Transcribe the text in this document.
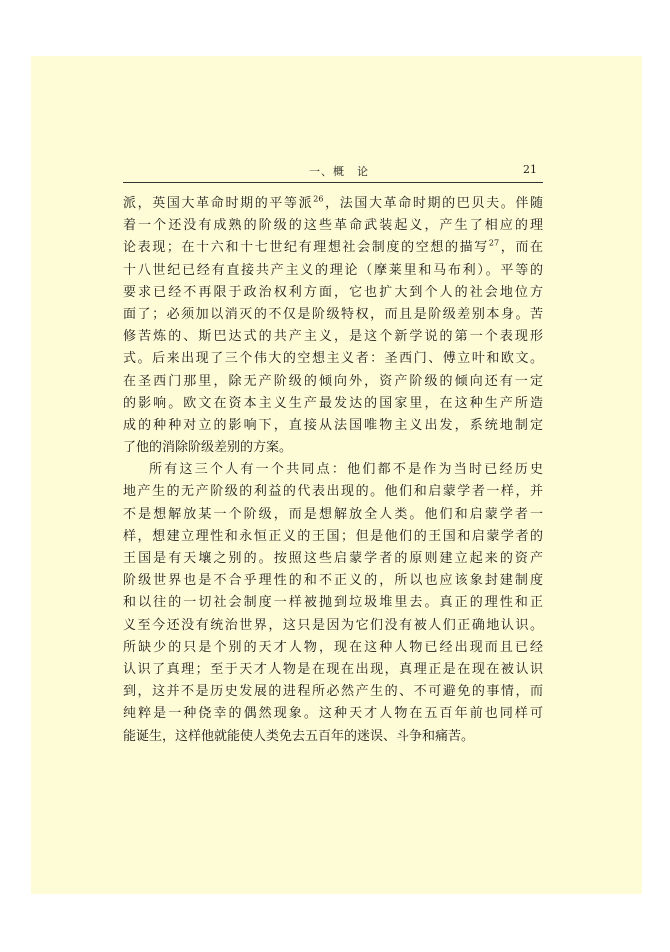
一、概　论	21
派，英国大革命时期的平等派$^{26}$，法国大革命时期的巴贝夫。伴随
着一个还没有成熟的阶级的这些革命武装起义，产生了相应的理
论表现；在十六和十七世纪有理想社会制度的空想的描写$^{27}$，而在
十八世纪已经有直接共产主义的理论（摩莱里和马布利）。平等的
要求已经不再限于政治权利方面，它也扩大到个人的社会地位方
面了；必须加以消灭的不仅是阶级特权，而且是阶级差别本身。苦
修苦炼的、斯巴达式的共产主义，是这个新学说的第一个表现形
式。后来出现了三个伟大的空想主义者：圣西门、傅立叶和欧文。
在圣西门那里，除无产阶级的倾向外，资产阶级的倾向还有一定
的影响。欧文在资本主义生产最发达的国家里，在这种生产所造
成的种种对立的影响下，直接从法国唯物主义出发，系统地制定
了他的消除阶级差别的方案。
所有这三个人有一个共同点：他们都不是作为当时已经历史
地产生的无产阶级的利益的代表出现的。他们和启蒙学者一样，并
不是想解放某一个阶级，而是想解放全人类。他们和启蒙学者一
样，想建立理性和永恒正义的王国；但是他们的王国和启蒙学者的
王国是有天壤之别的。按照这些启蒙学者的原则建立起来的资产
阶级世界也是不合乎理性的和不正义的，所以也应该象封建制度
和以往的一切社会制度一样被抛到垃圾堆里去。真正的理性和正
义至今还没有统治世界，这只是因为它们没有被人们正确地认识。
所缺少的只是个别的天才人物，现在这种人物已经出现而且已经
认识了真理；至于天才人物是在现在出现，真理正是在现在被认识
到，这并不是历史发展的进程所必然产生的、不可避免的事情，而
纯粹是一种侥幸的偶然现象。这种天才人物在五百年前也同样可
能诞生，这样他就能使人类免去五百年的迷误、斗争和痛苦。
